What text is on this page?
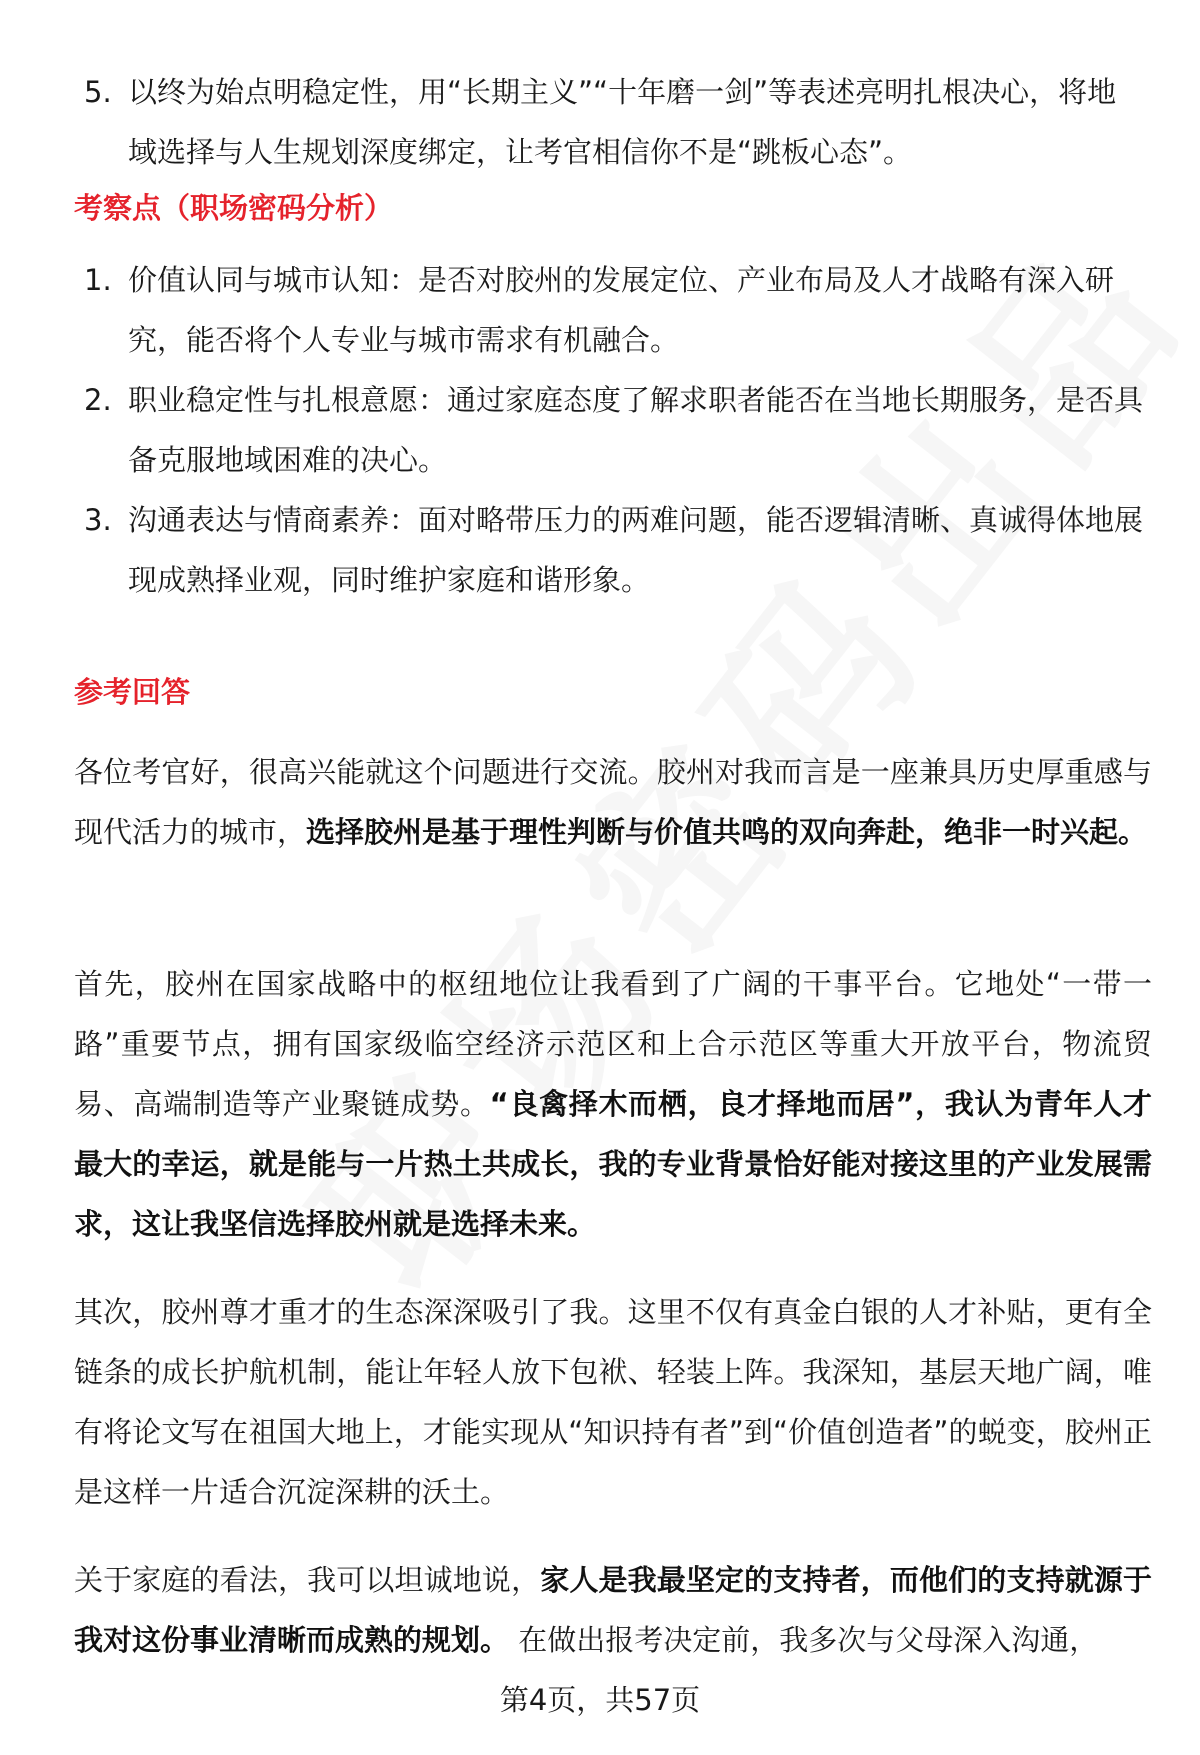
5. 以终为始点明稳定性，用“长期主义”“十年磨一剑”等表述亮明扎根决心，将地域选择与人生规划深度绑定，让考官相信你不是“跳板心态”。
考察点（职场密码分析）
1. 价值认同与城市认知：是否对胶州的发展定位、产业布局及人才战略有深入研究，能否将个人专业与城市需求有机融合。
2. 职业稳定性与扎根意愿：通过家庭态度了解求职者能否在当地长期服务，是否具备克服地域困难的决心。
3. 沟通表达与情商素养：面对略带压力的两难问题，能否逻辑清晰、真诚得体地展现成熟择业观，同时维护家庭和谐形象。
参考回答

各位考官好，很高兴能就这个问题进行交流。胶州对我而言是一座兼具历史厚重感与现代活力的城市，选择胶州是基于理性判断与价值共鸣的双向奔赴，绝非一时兴起。

首先，胶州在国家战略中的枢纽地位让我看到了广阔的干事平台。它地处“一带一路”重要节点，拥有国家级临空经济示范区和上合示范区等重大开放平台，物流贸易、高端制造等产业聚链成势。“良禽择木而栖，良才择地而居”，我认为青年人才最大的幸运，就是能与一片热土共成长，我的专业背景恰好能对接这里的产业发展需求，这让我坚信选择胶州就是选择未来。

其次，胶州尊才重才的生态深深吸引了我。这里不仅有真金白银的人才补贴，更有全链条的成长护航机制，能让年轻人放下包袱、轻装上阵。我深知，基层天地广阔，唯有将论文写在祖国大地上，才能实现从“知识持有者”到“价值创造者”的蜕变，胶州正是这样一片适合沉淀深耕的沃土。

关于家庭的看法，我可以坦诚地说，家人是我最坚定的支持者，而他们的支持就源于我对这份事业清晰而成熟的规划。 在做出报考决定前，我多次与父母深入沟通，

第4页，共57页
